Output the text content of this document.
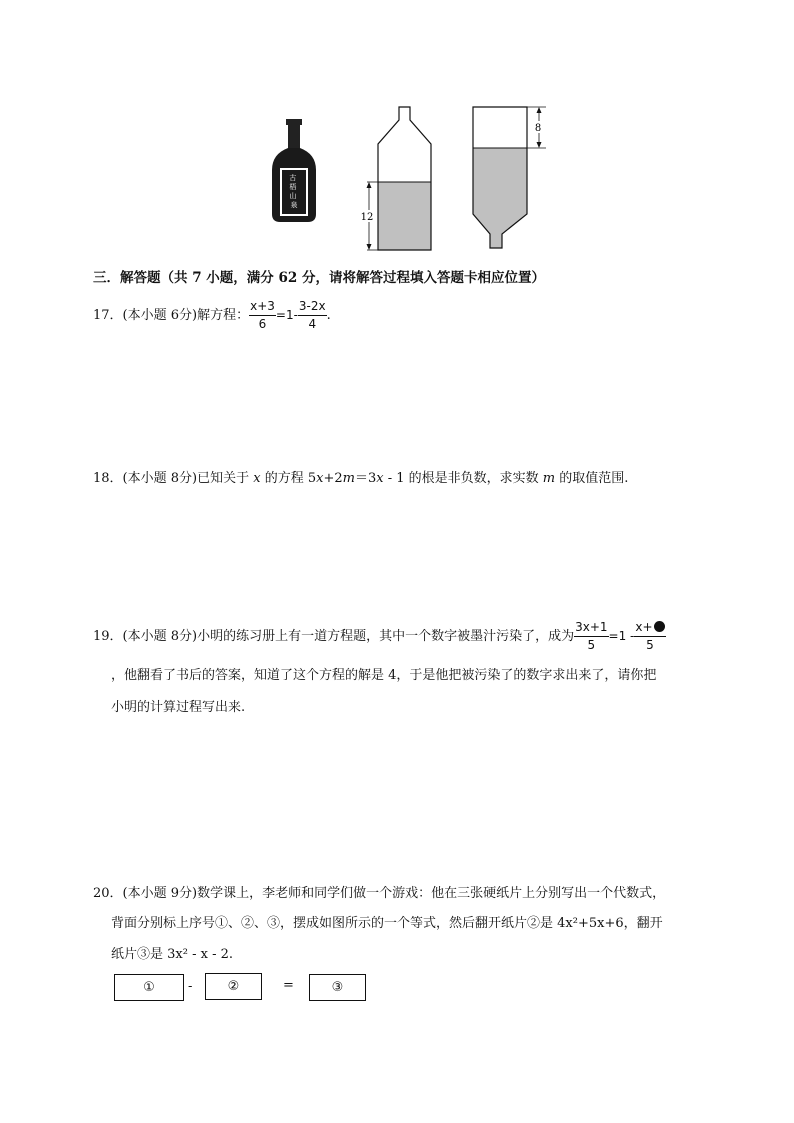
古 梧 山 泉
12
8
三．解答题（共 7 小题，满分 62 分，请将解答过程填入答题卡相应位置）
17．(本小题 6分)解方程： $\frac{x+3}{6} =1- \frac{3-2x}{4}$ .
18．(本小题 8分)已知关于 x 的方程 5x+2m＝3x - 1 的根是非负数，求实数 m 的取值范围.
19．(本小题 8分)小明的练习册上有一道方程题，其中一个数字被墨汁污染了，成为 $\frac{3x+1}{5} =1 - \frac{x+}{5}$
，他翻看了书后的答案，知道了这个方程的解是 4，于是他把被污染了的数字求出来了，请你把
小明的计算过程写出来.
20．(本小题 9分)数学课上，李老师和同学们做一个游戏：他在三张硬纸片上分别写出一个代数式，
背面分别标上序号①、②、③，摆成如图所示的一个等式，然后翻开纸片②是 4x²+5x+6，翻开
纸片③是 3x² - x - 2.
①	-	②	=	③
